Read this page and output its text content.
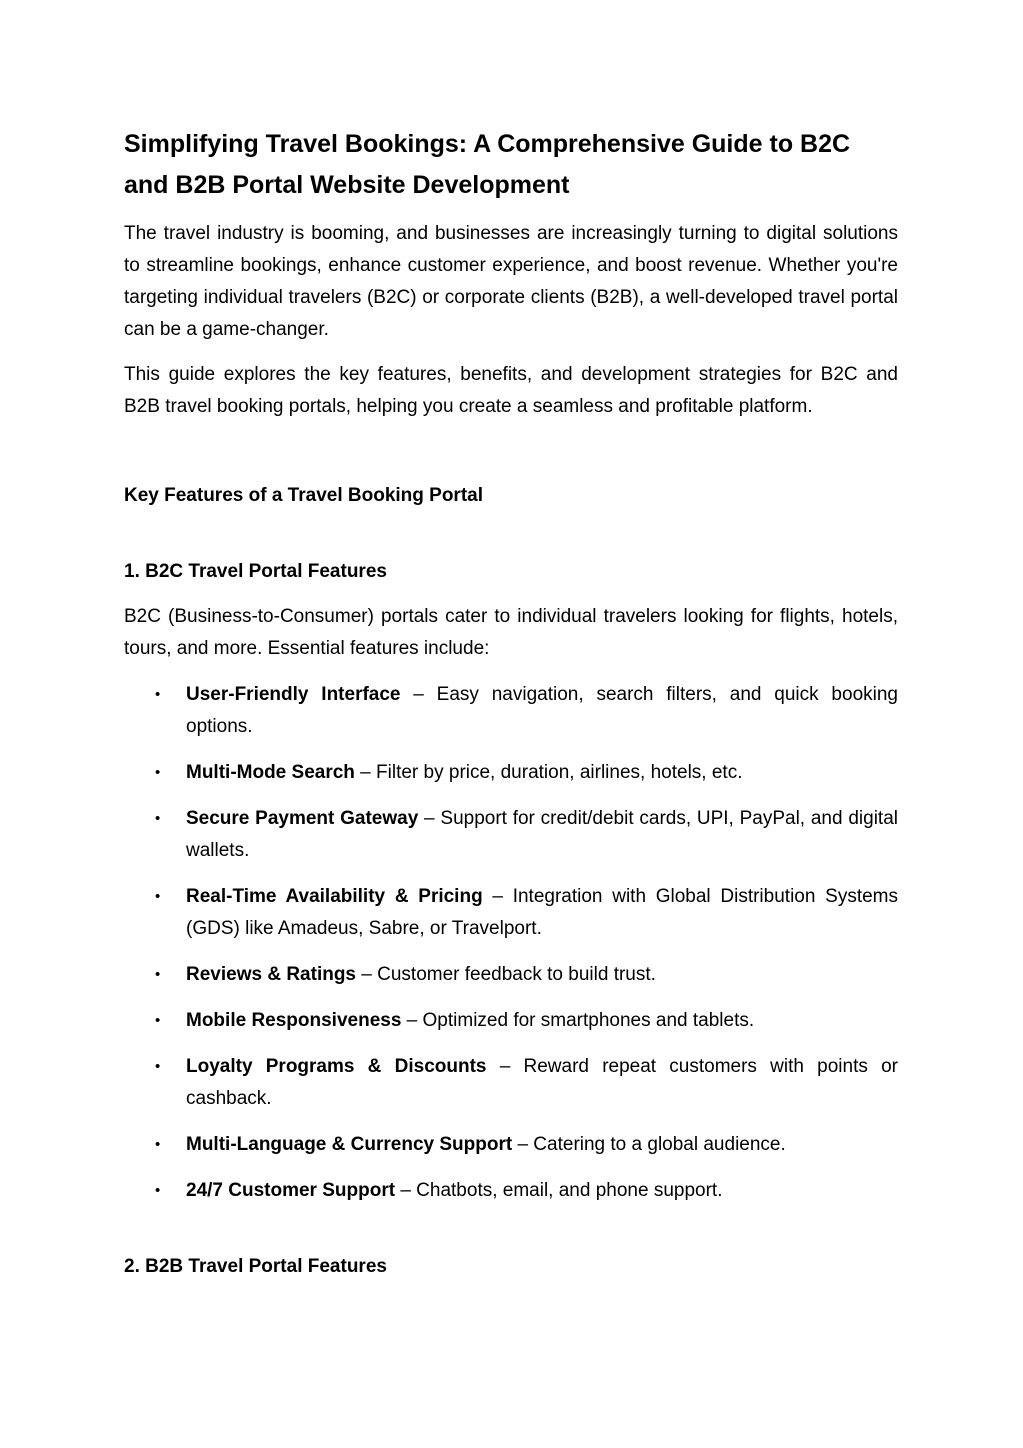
Simplifying Travel Bookings: A Comprehensive Guide to B2C and B2B Portal Website Development

The travel industry is booming, and businesses are increasingly turning to digital solutions to streamline bookings, enhance customer experience, and boost revenue. Whether you're targeting individual travelers (B2C) or corporate clients (B2B), a well-developed travel portal can be a game-changer.

This guide explores the key features, benefits, and development strategies for B2C and B2B travel booking portals, helping you create a seamless and profitable platform.

Key Features of a Travel Booking Portal
1. B2C Travel Portal Features

B2C (Business-to-Consumer) portals cater to individual travelers looking for flights, hotels, tours, and more. Essential features include:

• User-Friendly Interface – Easy navigation, search filters, and quick booking options.
• Multi-Mode Search – Filter by price, duration, airlines, hotels, etc.
• Secure Payment Gateway – Support for credit/debit cards, UPI, PayPal, and digital wallets.
• Real-Time Availability & Pricing – Integration with Global Distribution Systems (GDS) like Amadeus, Sabre, or Travelport.
• Reviews & Ratings – Customer feedback to build trust.
• Mobile Responsiveness – Optimized for smartphones and tablets.
• Loyalty Programs & Discounts – Reward repeat customers with points or cashback.
• Multi-Language & Currency Support – Catering to a global audience.
• 24/7 Customer Support – Chatbots, email, and phone support.
2. B2B Travel Portal Features
